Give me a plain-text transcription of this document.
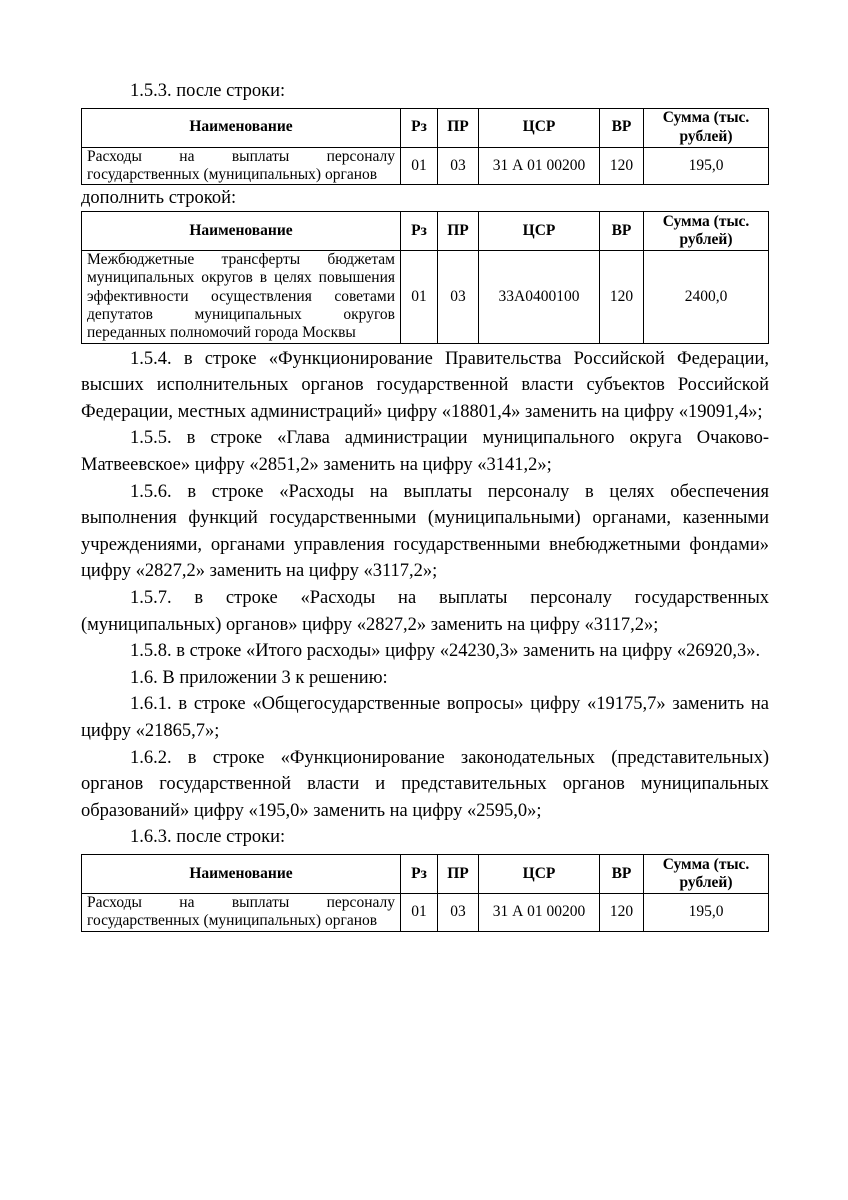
1.5.3. после строки:

Наименование	Рз	ПР	ЦСР	ВР	Сумма (тыс. рублей)
Расходы на выплаты персоналу государственных (муниципальных) органов	01	03	31 А 01 00200	120	195,0

дополнить строкой:

Наименование	Рз	ПР	ЦСР	ВР	Сумма (тыс. рублей)
Межбюджетные трансферты бюджетам муниципальных округов в целях повышения эффективности осуществления советами депутатов муниципальных округов переданных полномочий города Москвы	01	03	33А0400100	120	2400,0

1.5.4. в строке «Функционирование Правительства Российской Федерации, высших исполнительных органов государственной власти субъектов Российской Федерации, местных администраций» цифру «18801,4» заменить на цифру «19091,4»;

1.5.5. в строке «Глава администрации муниципального округа Очаково-Матвеевское» цифру «2851,2» заменить на цифру «3141,2»;

1.5.6. в строке «Расходы на выплаты персоналу в целях обеспечения выполнения функций государственными (муниципальными) органами, казенными учреждениями, органами управления государственными внебюджетными фондами» цифру «2827,2» заменить на цифру «3117,2»;

1.5.7. в строке «Расходы на выплаты персоналу государственных (муниципальных) органов» цифру «2827,2» заменить на цифру «3117,2»;

1.5.8. в строке «Итого расходы» цифру «24230,3» заменить на цифру «26920,3».

1.6. В приложении 3 к решению:

1.6.1. в строке «Общегосударственные вопросы» цифру «19175,7» заменить на цифру «21865,7»;

1.6.2. в строке «Функционирование законодательных (представительных) органов государственной власти и представительных органов муниципальных образований» цифру «195,0» заменить на цифру «2595,0»;

1.6.3. после строки:

Наименование	Рз	ПР	ЦСР	ВР	Сумма (тыс. рублей)
Расходы на выплаты персоналу государственных (муниципальных) органов	01	03	31 А 01 00200	120	195,0
